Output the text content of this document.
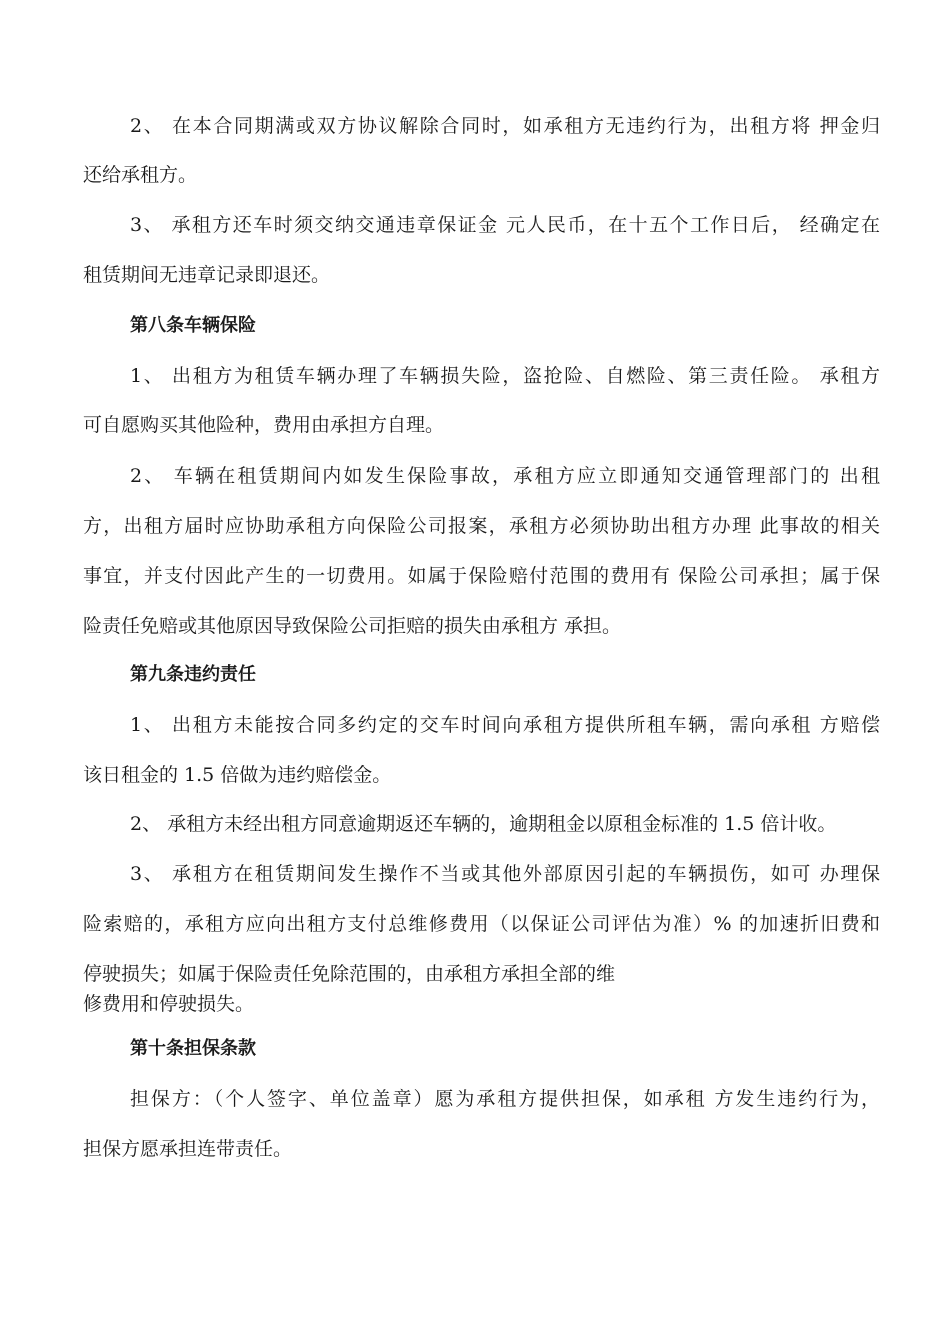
2、 在本合同期满或双方协议解除合同时，如承租方无违约行为，出租方将 押金归
还给承租方。
3、 承租方还车时须交纳交通违章保证金 元人民币，在十五个工作日后， 经确定在
租赁期间无违章记录即退还。
第八条车辆保险
1、 出租方为租赁车辆办理了车辆损失险，盗抢险、自燃险、第三责任险。 承租方
可自愿购买其他险种，费用由承担方自理。
2、 车辆在租赁期间内如发生保险事故，承租方应立即通知交通管理部门的 出租
方，出租方届时应协助承租方向保险公司报案，承租方必须协助出租方办理 此事故的相关
事宜，并支付因此产生的一切费用。如属于保险赔付范围的费用有 保险公司承担；属于保
险责任免赔或其他原因导致保险公司拒赔的损失由承租方 承担。
第九条违约责任
1、 出租方未能按合同多约定的交车时间向承租方提供所租车辆，需向承租 方赔偿
该日租金的 1.5 倍做为违约赔偿金。
2、 承租方未经出租方同意逾期返还车辆的，逾期租金以原租金标准的 1.5 倍计收。
3、 承租方在租赁期间发生操作不当或其他外部原因引起的车辆损伤，如可 办理保
险索赔的，承租方应向出租方支付总维修费用（以保证公司评估为准）% 的加速折旧费和
停驶损失；如属于保险责任免除范围的，由承租方承担全部的维
修费用和停驶损失。
第十条担保条款
担保方：（个人签字、单位盖章）愿为承租方提供担保，如承租 方发生违约行为，
担保方愿承担连带责任。
